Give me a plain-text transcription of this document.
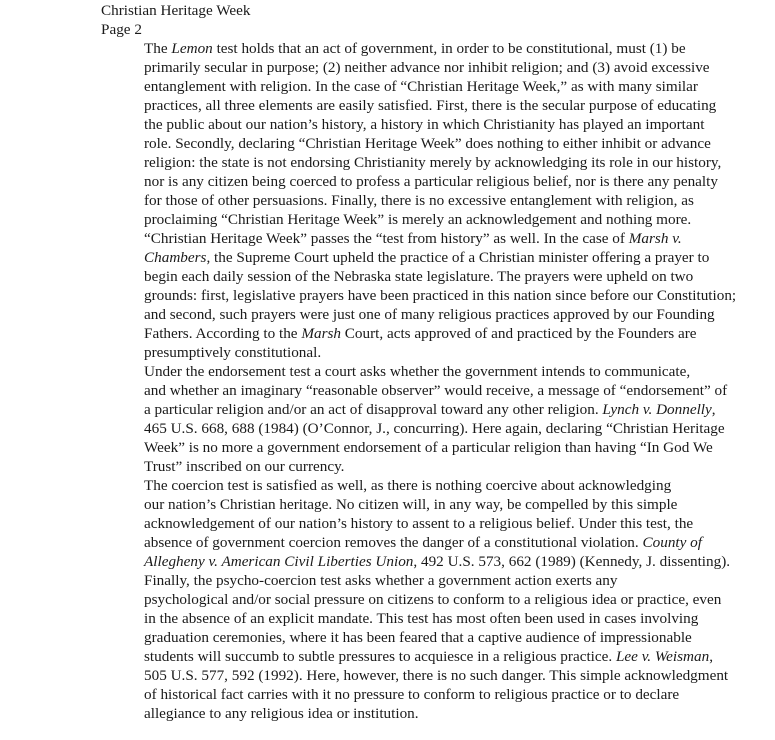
Christian Heritage Week
Page 2

The Lemon test holds that an act of government, in order to be constitutional, must (1) be
primarily secular in purpose; (2) neither advance nor inhibit religion; and (3) avoid excessive
entanglement with religion. In the case of “Christian Heritage Week,” as with many similar
practices, all three elements are easily satisfied. First, there is the secular purpose of educating
the public about our nation’s history, a history in which Christianity has played an important
role. Secondly, declaring “Christian Heritage Week” does nothing to either inhibit or advance
religion: the state is not endorsing Christianity merely by acknowledging its role in our history,
nor is any citizen being coerced to profess a particular religious belief, nor is there any penalty
for those of other persuasions. Finally, there is no excessive entanglement with religion, as
proclaiming “Christian Heritage Week” is merely an acknowledgement and nothing more.

“Christian Heritage Week” passes the “test from history” as well. In the case of Marsh v.
Chambers, the Supreme Court upheld the practice of a Christian minister offering a prayer to
begin each daily session of the Nebraska state legislature. The prayers were upheld on two
grounds: first, legislative prayers have been practiced in this nation since before our Constitution;
and second, such prayers were just one of many religious practices approved by our Founding
Fathers. According to the Marsh Court, acts approved of and practiced by the Founders are
presumptively constitutional.

Under the endorsement test a court asks whether the government intends to communicate,
and whether an imaginary “reasonable observer” would receive, a message of “endorsement” of
a particular religion and/or an act of disapproval toward any other religion. Lynch v. Donnelly,
465 U.S. 668, 688 (1984) (O’Connor, J., concurring). Here again, declaring “Christian Heritage
Week” is no more a government endorsement of a particular religion than having “In God We
Trust” inscribed on our currency.

The coercion test is satisfied as well, as there is nothing coercive about acknowledging
our nation’s Christian heritage. No citizen will, in any way, be compelled by this simple
acknowledgement of our nation’s history to assent to a religious belief. Under this test, the
absence of government coercion removes the danger of a constitutional violation. County of
Allegheny v. American Civil Liberties Union, 492 U.S. 573, 662 (1989) (Kennedy, J. dissenting).

Finally, the psycho-coercion test asks whether a government action exerts any
psychological and/or social pressure on citizens to conform to a religious idea or practice, even
in the absence of an explicit mandate. This test has most often been used in cases involving
graduation ceremonies, where it has been feared that a captive audience of impressionable
students will succumb to subtle pressures to acquiesce in a religious practice. Lee v. Weisman,
505 U.S. 577, 592 (1992). Here, however, there is no such danger. This simple acknowledgment
of historical fact carries with it no pressure to conform to religious practice or to declare
allegiance to any religious idea or institution.
